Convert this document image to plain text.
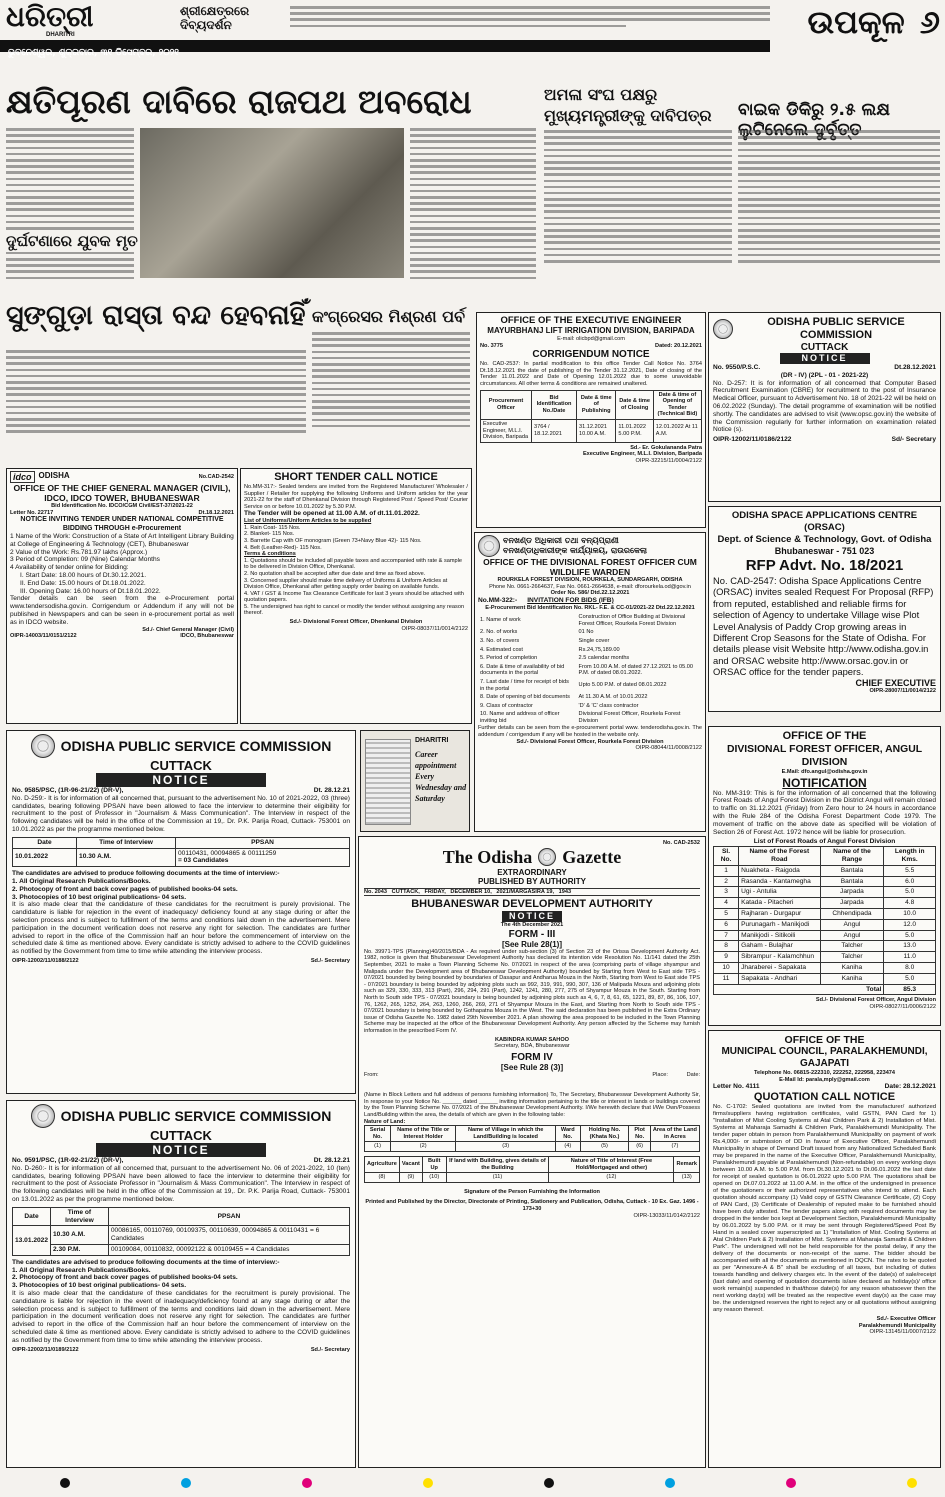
ଧରିତ୍ରୀ
DHARITRI
ଶ୍ରୀକ୍ଷେତ୍ରରେ ଦିବ୍ୟଦର୍ଶନ	ଉପକୂଳ ୬
ଭୁବନେଶ୍ୱର, ଶୁକ୍ରବାର, ୩୧ ଡିସେମ୍ବର, ୨୦୨୧
କ୍ଷତିପୂରଣ ଦାବିରେ ରାଜପଥ ଅବରୋଧ
ଦୁର୍ଘଟଣାରେ ଯୁବକ ମୃତ
ଅମଳା ସଂଘ ପକ୍ଷରୁ ମୁଖ୍ୟମନ୍ତ୍ରୀଙ୍କୁ ଦାବିପତ୍ର	ବାଇକ ଡିକିରୁ ୨.୫ ଲକ୍ଷ
ସୁଙ୍ଗୁଡ଼ା ରାସ୍ତା ବନ୍ଦ ହେବନାହିଁ କଂଗ୍ରେସର ମିଶ୍ରଣ ପର୍ବ	OFFICE OF THE EXECUTIVE ENGINEER
MAYURBHANJ LIFT IRRIGATION DIVISION, BARIPADA
E-mail: olicbpd@gmail.com
No. 3775	Dated: 20.12.2021
CORRIGENDUM NOTICE
No. CAD-2537: In partial modification to this office Tender Call Notice No. 3764 Dt.18.12.2021 the date of publishing of the Tender 31.12.2021, Date of closing of the Tender 11.01.2022 and Date of Opening 12.01.2022 due to some unavoidable circumstances. All other terms & conditions are remained unaltered.
Procurement Officer	Bid Identification No./Date	Date & time of Publishing	Date & time of Closing	Date & time of Opening of Tender (Technical Bid)
Executive Engineer, M.L.I. Division, Baripada	3764 / 18.12.2021	31.12.2021 10.00 A.M.	11.01.2022 5.00 P.M.	12.01.2022 At 11 A.M.
Sd.- Er. Gokulananda Patra
Executive Engineer, M.L.I. Division, Baripada
OIPR-32215/11/0004/2122
ODISHA PUBLIC SERVICE COMMISSION
CUTTACK
NOTICE
No. 9550/P.S.C.	Dt.28.12.2021
(DR - IV) (2PL - 01 - 2021-22)
No. D-257: It is for information of all concerned that Computer Based Recruitment Examination (CBRE) for recruitment to the post of Insurance Medical Officer, pursuant to Advertisement No. 18 of 2021-22 will be held on 06.02.2022 (Sunday). The detail programme of examination will be notified shortly. The candidates are advised to visit (www.opsc.gov.in) the website of the Commission regularly for further information on examination related Notice (s).
OIPR-12002/11/0186/2122	Sd/- Secretary
idco ODISHA	No.CAD-2542
OFFICE OF THE CHIEF GENERAL MANAGER (CIVIL), IDCO, IDCO TOWER, BHUBANESWAR
Bid Identification No. IDCO/CGM Civil/EST-37/2021-22
Letter No. 22717	Dt.18.12.2021
NOTICE INVITING TENDER UNDER NATIONAL COMPETITIVE BIDDING THROUGH e-Procurement
1 Name of the Work: Construction of a State of Art Intelligent Library Building at College of Engineering & Technology (CET), Bhubaneswar
2 Value of the Work: Rs.781.97 lakhs (Approx.)
3 Period of Completion: 09 (Nine) Calendar Months
4 Availability of tender online for Bidding:
I. Start Date: 18.00 hours of Dt.30.12.2021.
II. End Date: 15.00 hours of Dt.18.01.2022.
III. Opening Date: 16.00 hours of Dt.18.01.2022.
Tender details can be seen from the e-Procurement portal www.tendersodisha.gov.in. Corrigendum or Addendum if any will not be published in Newspapers and can be seen in e-procurement portal as well as in IDCO website.
Sd./- Chief General Manager (Civil)
OIPR-14003/11/0151/2122	IDCO, Bhubaneswar
SHORT TENDER CALL NOTICE
No.MM-317:- Sealed tenders are invited from the Registered Manufacturer/ Wholesaler / Supplier / Retailer for supplying the following Uniforms and Uniform articles for the year 2021-22 for the staff of Dhenkanal Division through Registered Post / Speed Post/ Courier Service on or before 10.01.2022 by 5.30 P.M.
The Tender will be opened at 11.00 A.M. of dt.11.01.2022.
List of Uniforms/Uniform Articles to be supplied
1. Rain Coat- 115 Nos.
2. Blanket- 115 Nos.
3. Barrette Cap with OF monogram (Green 73+Navy Blue 42)- 115 Nos.
4. Belt (Leather-Red)- 115 Nos.
Terms & conditions
1. Quotations should be included all payable taxes and accompanied with rate & sample to be delivered in Division Office, Dhenkanal.
2. No quotation shall be accepted after due date and time as fixed above.
3. Concerned supplier should make time delivery of Uniforms & Uniform Articles at Division Office, Dhenkanal after getting supply order basing on available funds.
4. VAT / GST & Income Tax Clearance Certificate for last 3 years should be attached with quotation papers.
5. The undersigned has right to cancel or modify the tender without assigning any reason thereof.
Sd./- Divisional Forest Officer, Dhenkanal Division
OIPR-08037/11/0014/2122
ବନଖଣ୍ଡ ଅଧିକାରୀ ତଥା ବନ୍ୟପ୍ରାଣୀ
ବନଖଣ୍ଡାଧିକାରୀଙ୍କ କାର୍ଯ୍ୟାଳୟ, ରାଉରକେଲା
OFFICE OF THE DIVISIONAL FOREST OFFICER CUM WILDLIFE WARDEN
ROURKELA FOREST DIVISION, ROURKELA, SUNDARGARH, ODISHA
Phone No. 0661-2664637, Fax No. 0661-2664638, e-mail: dforourkela.od@gov.in
Order No. 586/ Dtd.22.12.2021
No.MM-322:- INVITATION FOR BIDS (IFB)
E-Procurement Bid Identification No. RKL- F.E. & CC-01/2021-22 Dtd.22.12.2021
1. Name of work	Construction of Office Building at Divisional Forest Officer, Rourkela Forest Division
2. No. of works	01 No
3. No. of covers	Single cover
4. Estimated cost	Rs.24,75,189.00
5. Period of completion	2.5 calendar months
6. Date & time of availability of bid documents in the portal	From 10.00 A.M. of dated 27.12.2021 to 05.00 P.M. of dated 08.01.2022.
7. Last date / time for receipt of bids in the portal	Upto 5.00 P.M. of dated 08.01.2022
8. Date of opening of bid documents	At 11.30 A.M. of 10.01.2022
9. Class of contractor	'D' & 'C' class contractor
10. Name and address of officer inviting bid	Divisional Forest Officer, Rourkela Forest Division
Further details can be seen from the e-procurement portal www. tenderodisha.gov.in. The addendum / corrigendum if any will be hosted in the website only.
Sd./- Divisional Forest Officer, Rourkela Forest Division
OIPR-08044/11/0008/2122
ODISHA SPACE APPLICATIONS CENTRE (ORSAC)
Dept. of Science & Technology, Govt. of Odisha
Bhubaneswar - 751 023
RFP Advt. No. 18/2021
No. CAD-2547: Odisha Space Applications Centre (ORSAC) invites sealed Request For Proposal (RFP) from reputed, established and reliable firms for selection of Agency to undertake Village wise Plot Level Analysis of Paddy Crop growing areas in Different Crop Seasons for the State of Odisha. For details please visit Website http://www.odisha.gov.in and ORSAC website http://www.orsac.gov.in or ORSAC office for the tender papers.
CHIEF EXECUTIVE
OIPR-28007/11/0014/2122
ODISHA PUBLIC SERVICE COMMISSION
CUTTACK
NOTICE
No. 9585/PSC, (1R-96-21/22) (DR-V),	Dt. 28.12.21
No. D-259:- It is for information of all concerned that, pursuant to the advertisement No. 10 of 2021-2022, 03 (three) candidates, bearing following PPSAN have been allowed to face the interview to determine their eligibility for recruitment to the post of Professor in "Journalism & Mass Communication". The Interview in respect of the following candidates will be held in the office of the Commission at 19,. Dr. P.K. Parija Road, Cuttack- 753001 on 10.01.2022 as per the programme mentioned below.
Date	Time of Interview	PPSAN
10.01.2022	10.30 A.M.	00110431, 00094865 & 00111259
= 03 Candidates
The candidates are advised to produce following documents at the time of interview:-
1. All Original Research Publications/Books.
2. Photocopy of front and back cover pages of published books-04 sets.
3. Photocopies of 10 best original publications- 04 sets.
It is also made clear that the candidature of these candidates for the recruitment is purely provisional. The candidature is liable for rejection in the event of inadequacy/ deficiency found at any stage during or after the selection process and is subject to fulfillment of the terms and conditions laid down in the advertisement. Mere participation in the document verification does not reserve any right for selection. The candidates are further advised to report in the office of the Commission half an hour before the commencement of interview on the scheduled date & time as mentioned above. Every candidate is strictly advised to adhere to the COVID guidelines as notified by the Government from time to time while attending the interview process.
OIPR-12002/11/0188/2122	Sd./- Secretary
DHARITRI
Career appointment Every Wednesday and Saturday
OFFICE OF THE
DIVISIONAL FOREST OFFICER, ANGUL DIVISION
E.Mail: dfo.angul@odisha.gov.in
NOTIFICATION
No. MM-319: This is for the information of all concerned that the following Forest Roads of Angul Forest Division in the District Angul will remain closed to traffic on 31.12.2021 (Friday) from Zero hour to 24 hours in accordance with the Rule 284 of the Odisha Forest Department Code 1979. The movement of traffic on the above date as specified will be violation of Section 26 of Forest Act. 1972 hence will be liable for prosecution.
List of Forest Roads of Angul Forest Division
Sl. No.	Name of the Forest Road	Name of the Range	Length in Kms.
1	Nuakheta - Raigoda	Bantala	5.5
2	Rasanda - Kantamegha	Bantala	6.0
3	Ugi - Antulia	Jarpada	5.0
4	Katada - Pitacheri	Jarpada	4.8
5	Rajharan - Durgapur	Chhendipada	10.0
6	Purunagarh - Manikjodi	Angul	12.0
7	Manikjodi - Sitikoili	Angul	5.0
8	Gaham - Bulajhar	Talcher	13.0
9	Sibrampur - Kalamchhun	Talcher	11.0
10	Jharaberei - Sapakata	Kaniha	8.0
11	Sapakata - Andhari	Kaniha	5.0
Total			85.3
Sd./- Divisional Forest Officer, Angul Division
OIPR-08027/11/0006/2122
No. CAD-2532
The Odisha Gazette
EXTRAORDINARY
PUBLISHED BY AUTHORITY
No. 2043   CUTTACK,   FRIDAY,   DECEMBER 10,   2021/MARGASIRA 19,   1943
BHUBANESWAR DEVELOPMENT AUTHORITY
NOTICE
The 4th December 2021
FORM - III
[See Rule 28(1)]
No. 39971-TPS (Planning)40/2015/BDA - As required under sub-section (3) of Section 23 of the Orissa Development Authority Act. 1982, notice is given that Bhubaneswar Development Authority has declared its intention vide Resolution No. 11/141 dated the 25th September, 2021 to make a Town Planning Scheme No. 07/2021 in respect of the area (comprising parts of village shyampur and Malipada under the Development area of Bhubaneswar Development Authority) bounded by Starting from West to East side TPS - 07/2021 bounded by being bounded by boundaries of Dasapur and Andharua Mouza in the North, Starting from West to East side TPS - 07/2021 boundary is being bounded by adjoining plots such as 992, 319, 991, 990, 307, 136 of Malipada Mouza and adjoining plots such as 329, 330, 333, 313 (Part), 296, 294, 291 (Part), 1242, 1241, 280, 277, 275 of Shyampur Mouza in the South. Starting from North to South side TPS - 07/2021 boundary is being bounded by adjoining plots such as 4, 6, 7, 8, 61, 65, 1221, 89, 87, 86, 106, 107, 76, 1262, 265, 1252, 264, 263, 1260, 266, 269, 271 of Shyampur Mouza in the East, and Starting from North to South side TPS - 07/2021 boundary is being bounded by Gothapatna Mouza in the West. The said declaration has been published in the Extra Ordinary issue of Odisha Gazette No. 1982 dated 29th November 2021. A plan showing the area proposed to be included in the Town Planning Scheme may be inspected at the office of the Bhubaneswar Development Authority. Any person affected by the Scheme may furnish information in the prescribed Form IV.
KABINDRA KUMAR SAHOO
Secretary, BDA, Bhubaneswar
FORM IV
[See Rule 28 (3)]
From:	Place:	Date:
(Name in Block Letters and full address of persons furnishing information) To, The Secretary, Bhubaneswar Development Authority Sir, In response to your Notice No. ______ dated ______ inviting information pertaining to the title or interest in lands or buildings covered by the Town Planning Scheme No. 07/2021 of the Bhubaneswar Development Authority. I/We herewith declare that I/We Own/Possess Land/Building within the area, the details of which are given in the following table:
Nature of Land:
Serial No.	Name of the Title or Interest Holder	Name of Village in which the Land/Building is located	Ward No.	Holding No. (Khata No.)	Plot No.	Area of the Land in Acres
(1)	(2)	(3)	(4)	(5)	(6)	(7)
Agriculture	Vacant	Built Up	If land with Building, gives details of the Building	Nature of Title of Interest (Free Hold/Mortgaged and other)	Remark
(8)	(9)	(10)	(11)	(12)	(13)
Signature of the Person Furnishing the Information
Printed and Published by the Director, Directorate of Printing, Stationery and Publication, Odisha, Cuttack - 10 Ex. Gaz. 1496 - 173+30
OIPR-13033/11/0142/2122
OFFICE OF THE
MUNICIPAL COUNCIL, PARALAKHEMUNDI, GAJAPATI
Telephone No. 06815-222310, 222252, 222958, 223474
E-Mail Id: parala,mply@gmail.com
Letter No. 4111	Date: 28.12.2021
QUOTATION CALL NOTICE
No. C-1702: Sealed quotations are invited from the manufacturer/ authorized firms/suppliers having registration certificates, valid GSTN, PAN Card for 1) "Installation of Mist Cooling Systems at Atal Children Park & 2) Installation of Mist. Systems at Maharaja Samadhi & Children Park, Paralakhemundi Municipality. The tender paper obtain in person from Paralakhemundi Municipality on payment of work Rs.4,000/- or submission of DD in favour of Executive Officer, Paralakhemundi Municipality in shape of Demand Draft issued from any Nationalized Scheduled Bank may be prepared in the name of the Executive Officer, Paralakhemundi Municipality, Paralakhemundi payable at Paralakhemundi (Non-refundable) on every working days between 10.00 A.M. to 5.00 P.M. from Dt.30.12.2021 to Dt.06.01.2022 the last date for receipt of sealed quotation is 06.01.2022 upto 5.00 P.M. The quotations shall be opened on Dt.07.01.2022 at 11.00 A.M. in the office of the undersigned in presence of the quotationers or their authorized representatives who intend to attend. Each quotation should accompany (1) Valid copy of GSTN Clearance Certificate, (2) Copy of PAN Card, (3) Certificate of Dealership of reputed make to be furnished should have been duly attested. The tender papers along with required documents may be dropped in the tender box kept at Development Section, Paralakhemundi Municipality by 06.01.2022 by 5.00 P.M. or it may be sent through Registered/Speed Post By Hand in a sealed cover superscripted as 1) "Installation of Mist. Cooling Systems at Atal Children Park & 2) Installation of Mist. Systems at Maharaja Samadhi & Children Park". The undersigned will not be held responsible for the postal delay, if any the delivery of the documents or non-receipt of the same. The bidder should be accompanied with all the documents as mentioned in DQCN. The rates to be quoted as per "Annexure-A & B" shall be excluding of all taxes, but including of duties towards handling and delivery charges etc. In the event of the date(s) of sale/receipt (last date) and opening of quotation documents is/are declared as holiday(s)/ office work remain(s) suspended in that/those date(s) for any reason whatsoever then the next working day(s) will be treated as the respective event day(s) as the case may be. the undersigned reserves the right to reject any or all quotations without assigning any reason thereof.
Sd./- Executive Officer
Paralakhemundi Municipality
OIPR-13145/11/0007/2122
ODISHA PUBLIC SERVICE COMMISSION
CUTTACK
NOTICE
No. 9591/PSC, (1R-92-21/22) (DR-V),	Dt. 28.12.21
No. D-260:- It is for information of all concerned that, pursuant to the advertisement No. 06 of 2021-2022, 10 (ten) candidates, bearing following PPSAN have been allowed to face the interview to determine their eligibility for recruitment to the post of Associate Professor in "Journalism & Mass Communication". The Interview in respect of the following candidates will be held in the office of the Commission at 19,. Dr. P.K. Parija Road, Cuttack- 753001 on 13.01.2022 as per the programme mentioned below.
Date	Time of Interview	PPSAN
13.01.2022	10.30 A.M.	00086165, 00110769, 00109375, 00110639, 00094865 & 00110431 = 6 Candidates
	2.30 P.M.	00109084, 00110832, 00092122 & 00109455 = 4 Candidates
The candidates are advised to produce following documents at the time of interview:-
1. All Original Research Publications/Books.
2. Photocopy of front and back cover pages of published books-04 sets.
3. Photocopies of 10 best original publications- 04 sets.
It is also made clear that the candidature of these candidates for the recruitment is purely provisional. The candidature is liable for rejection in the event of inadequacy/deficiency found at any stage during or after the selection process and is subject to fulfillment of the terms and conditions laid down in the advertisement. Mere participation in the document verification does not reserve any right for selection. The candidates are further advised to report in the office of the Commission half an hour before the commencement of interview on the scheduled date & time as mentioned above. Every candidate is strictly advised to adhere to the COVID guidelines as notified by the Government from time to time while attending the interview process.
OIPR-12002/11/0189/2122	Sd./- Secretary
